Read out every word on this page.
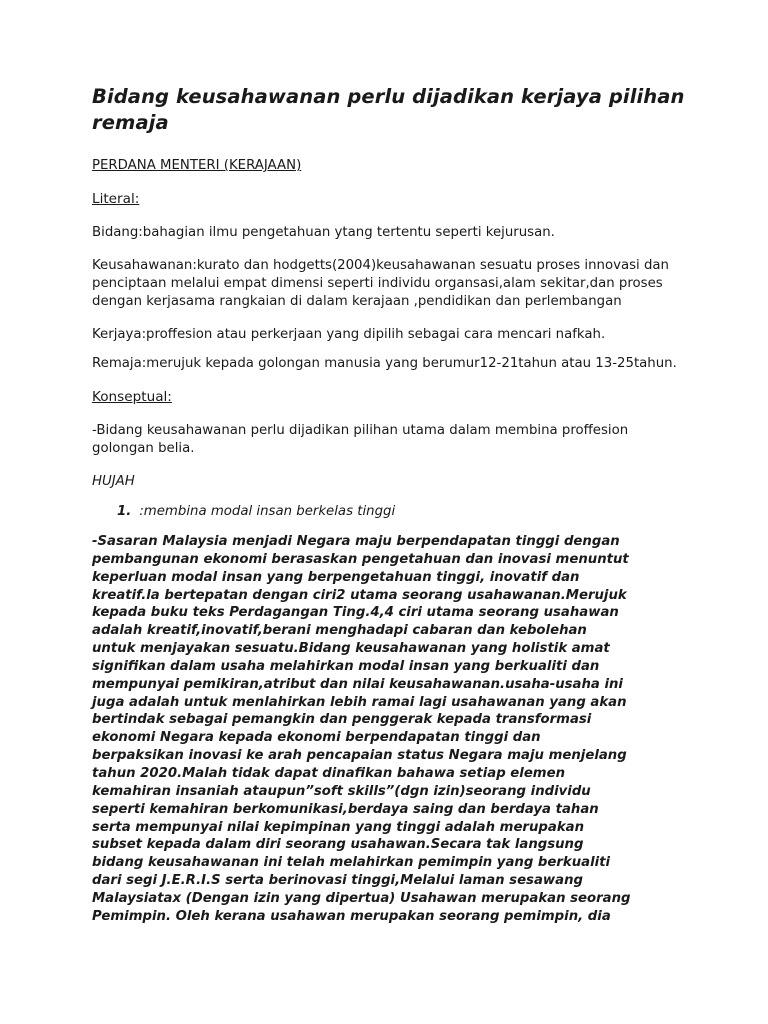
Bidang keusahawanan perlu dijadikan kerjaya pilihan remaja

PERDANA MENTERI (KERAJAAN)

Literal:

Bidang:bahagian ilmu pengetahuan ytang tertentu seperti kejurusan.

Keusahawanan:kurato dan hodgetts(2004)keusahawanan sesuatu proses innovasi dan penciptaan melalui empat dimensi seperti individu organsasi,alam sekitar,dan proses dengan kerjasama rangkaian di dalam kerajaan ,pendidikan dan perlembangan

Kerjaya:proffesion atau perkerjaan yang dipilih sebagai cara mencari nafkah.

Remaja:merujuk kepada golongan manusia yang berumur12-21tahun atau 13-25tahun.

Konseptual:

-Bidang keusahawanan perlu dijadikan pilihan utama dalam membina proffesion golongan belia.

HUJAH

1. :membina modal insan berkelas tinggi

-Sasaran Malaysia menjadi Negara maju berpendapatan tinggi dengan
pembangunan ekonomi berasaskan pengetahuan dan inovasi menuntut
keperluan modal insan yang berpengetahuan tinggi, inovatif dan
kreatif.la bertepatan dengan ciri2 utama seorang usahawanan.Merujuk
kepada buku teks Perdagangan Ting.4,4 ciri utama seorang usahawan
adalah kreatif,inovatif,berani menghadapi cabaran dan kebolehan
untuk menjayakan sesuatu.Bidang keusahawanan yang holistik amat
signifikan dalam usaha melahirkan modal insan yang berkualiti dan
mempunyai pemikiran,atribut dan nilai keusahawanan.usaha-usaha ini
juga adalah untuk menlahirkan lebih ramai lagi usahawanan yang akan
bertindak sebagai pemangkin dan penggerak kepada transformasi
ekonomi Negara kepada ekonomi berpendapatan tinggi dan
berpaksikan inovasi ke arah pencapaian status Negara maju menjelang
tahun 2020.Malah tidak dapat dinafikan bahawa setiap elemen
kemahiran insaniah ataupun”soft skills”(dgn izin)seorang individu
seperti kemahiran berkomunikasi,berdaya saing dan berdaya tahan
serta mempunyai nilai kepimpinan yang tinggi adalah merupakan
subset kepada dalam diri seorang usahawan.Secara tak langsung
bidang keusahawanan ini telah melahirkan pemimpin yang berkualiti
dari segi J.E.R.I.S serta berinovasi tinggi,Melalui laman sesawang
Malaysiatax (Dengan izin yang dipertua) Usahawan merupakan seorang
Pemimpin. Oleh kerana usahawan merupakan seorang pemimpin, dia
